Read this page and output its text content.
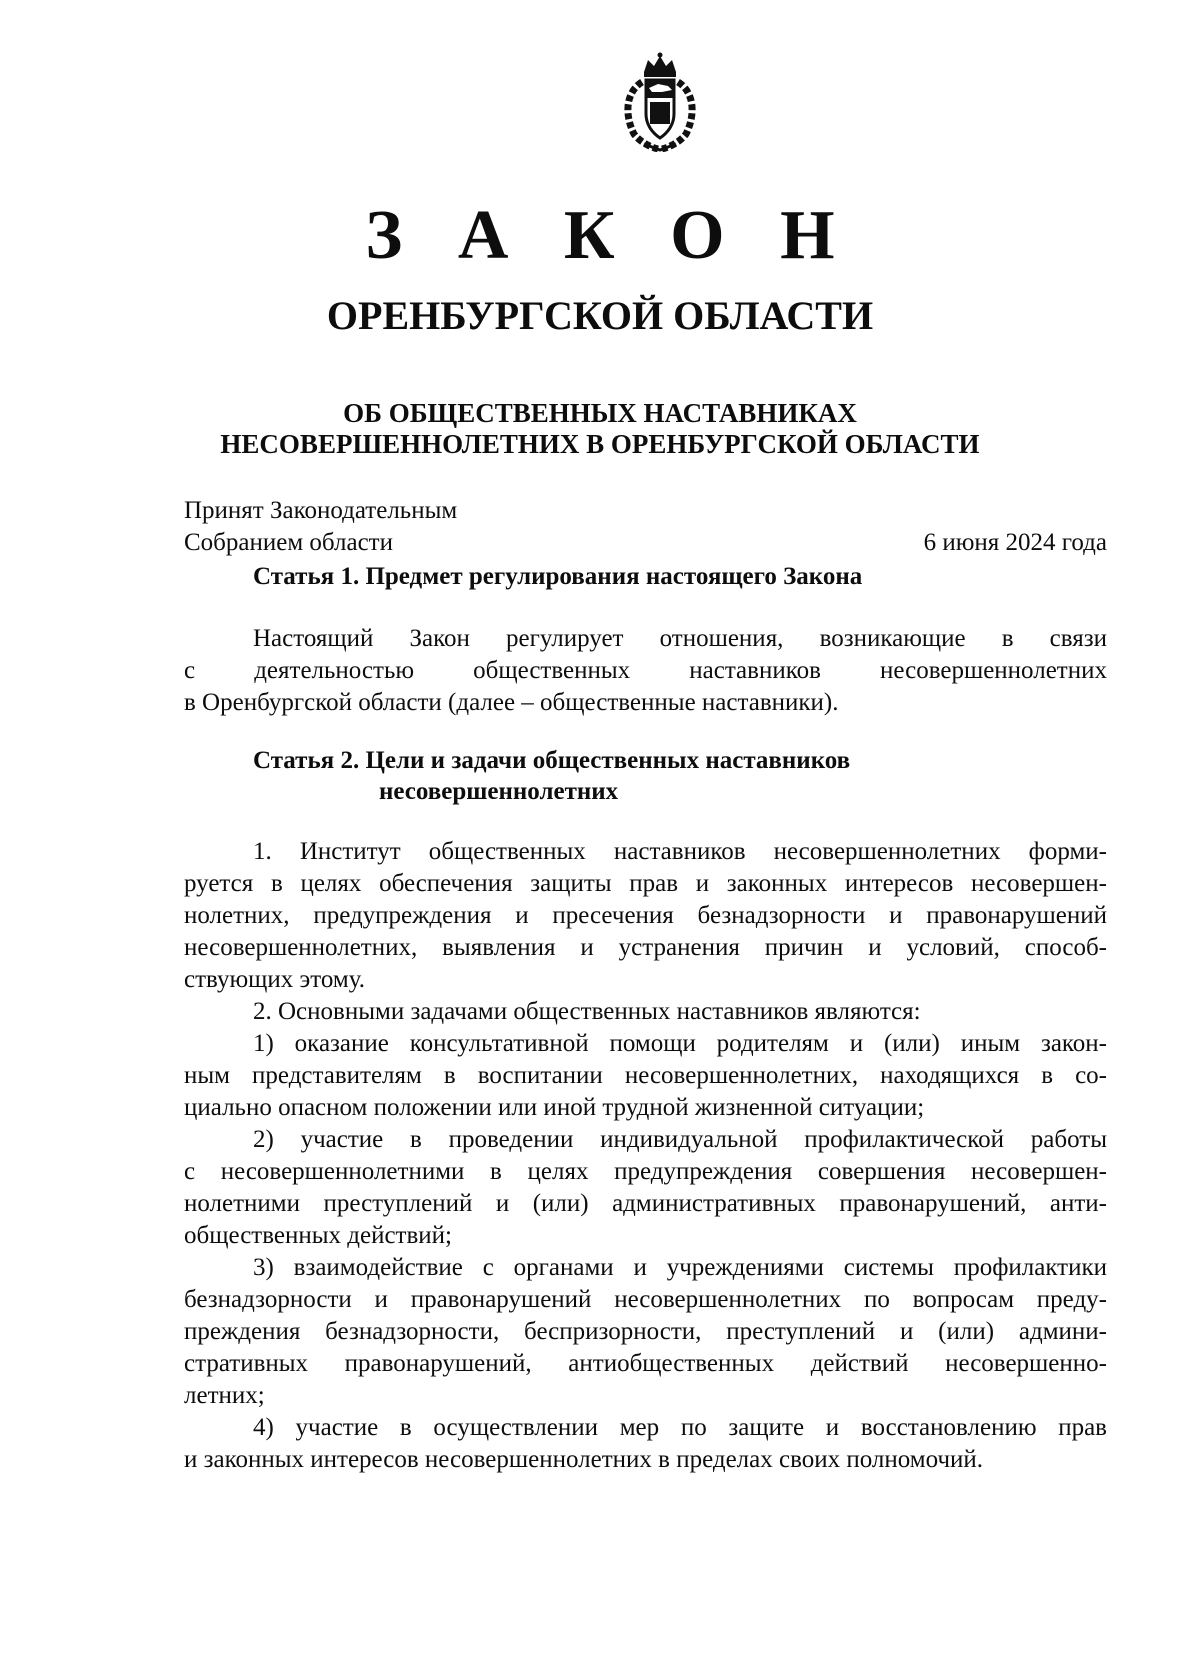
З А К О Н
ОРЕНБУРГСКОЙ ОБЛАСТИ
ОБ ОБЩЕСТВЕННЫХ НАСТАВНИКАХ
НЕСОВЕРШЕННОЛЕТНИХ В ОРЕНБУРГСКОЙ ОБЛАСТИ
Принят Законодательным
Собранием области	6 июня 2024 года
Статья 1. Предмет регулирования настоящего Закона
Настоящий Закон регулирует отношения, возникающие в связи
с деятельностью общественных наставников несовершеннолетних
в Оренбургской области (далее – общественные наставники).
Статья 2. Цели и задачи общественных наставников
несовершеннолетних
1. Институт общественных наставников несовершеннолетних форми-
руется в целях обеспечения защиты прав и законных интересов несовершен-
нолетних, предупреждения и пресечения безнадзорности и правонарушений
несовершеннолетних, выявления и устранения причин и условий, способ-
ствующих этому.
2. Основными задачами общественных наставников являются:
1) оказание консультативной помощи родителям и (или) иным закон-
ным представителям в воспитании несовершеннолетних, находящихся в со-
циально опасном положении или иной трудной жизненной ситуации;
2) участие в проведении индивидуальной профилактической работы
с несовершеннолетними в целях предупреждения совершения несовершен-
нолетними преступлений и (или) административных правонарушений, анти-
общественных действий;
3) взаимодействие с органами и учреждениями системы профилактики
безнадзорности и правонарушений несовершеннолетних по вопросам преду-
преждения безнадзорности, беспризорности, преступлений и (или) админи-
стративных правонарушений, антиобщественных действий несовершенно-
летних;
4) участие в осуществлении мер по защите и восстановлению прав
и законных интересов несовершеннолетних в пределах своих полномочий.
